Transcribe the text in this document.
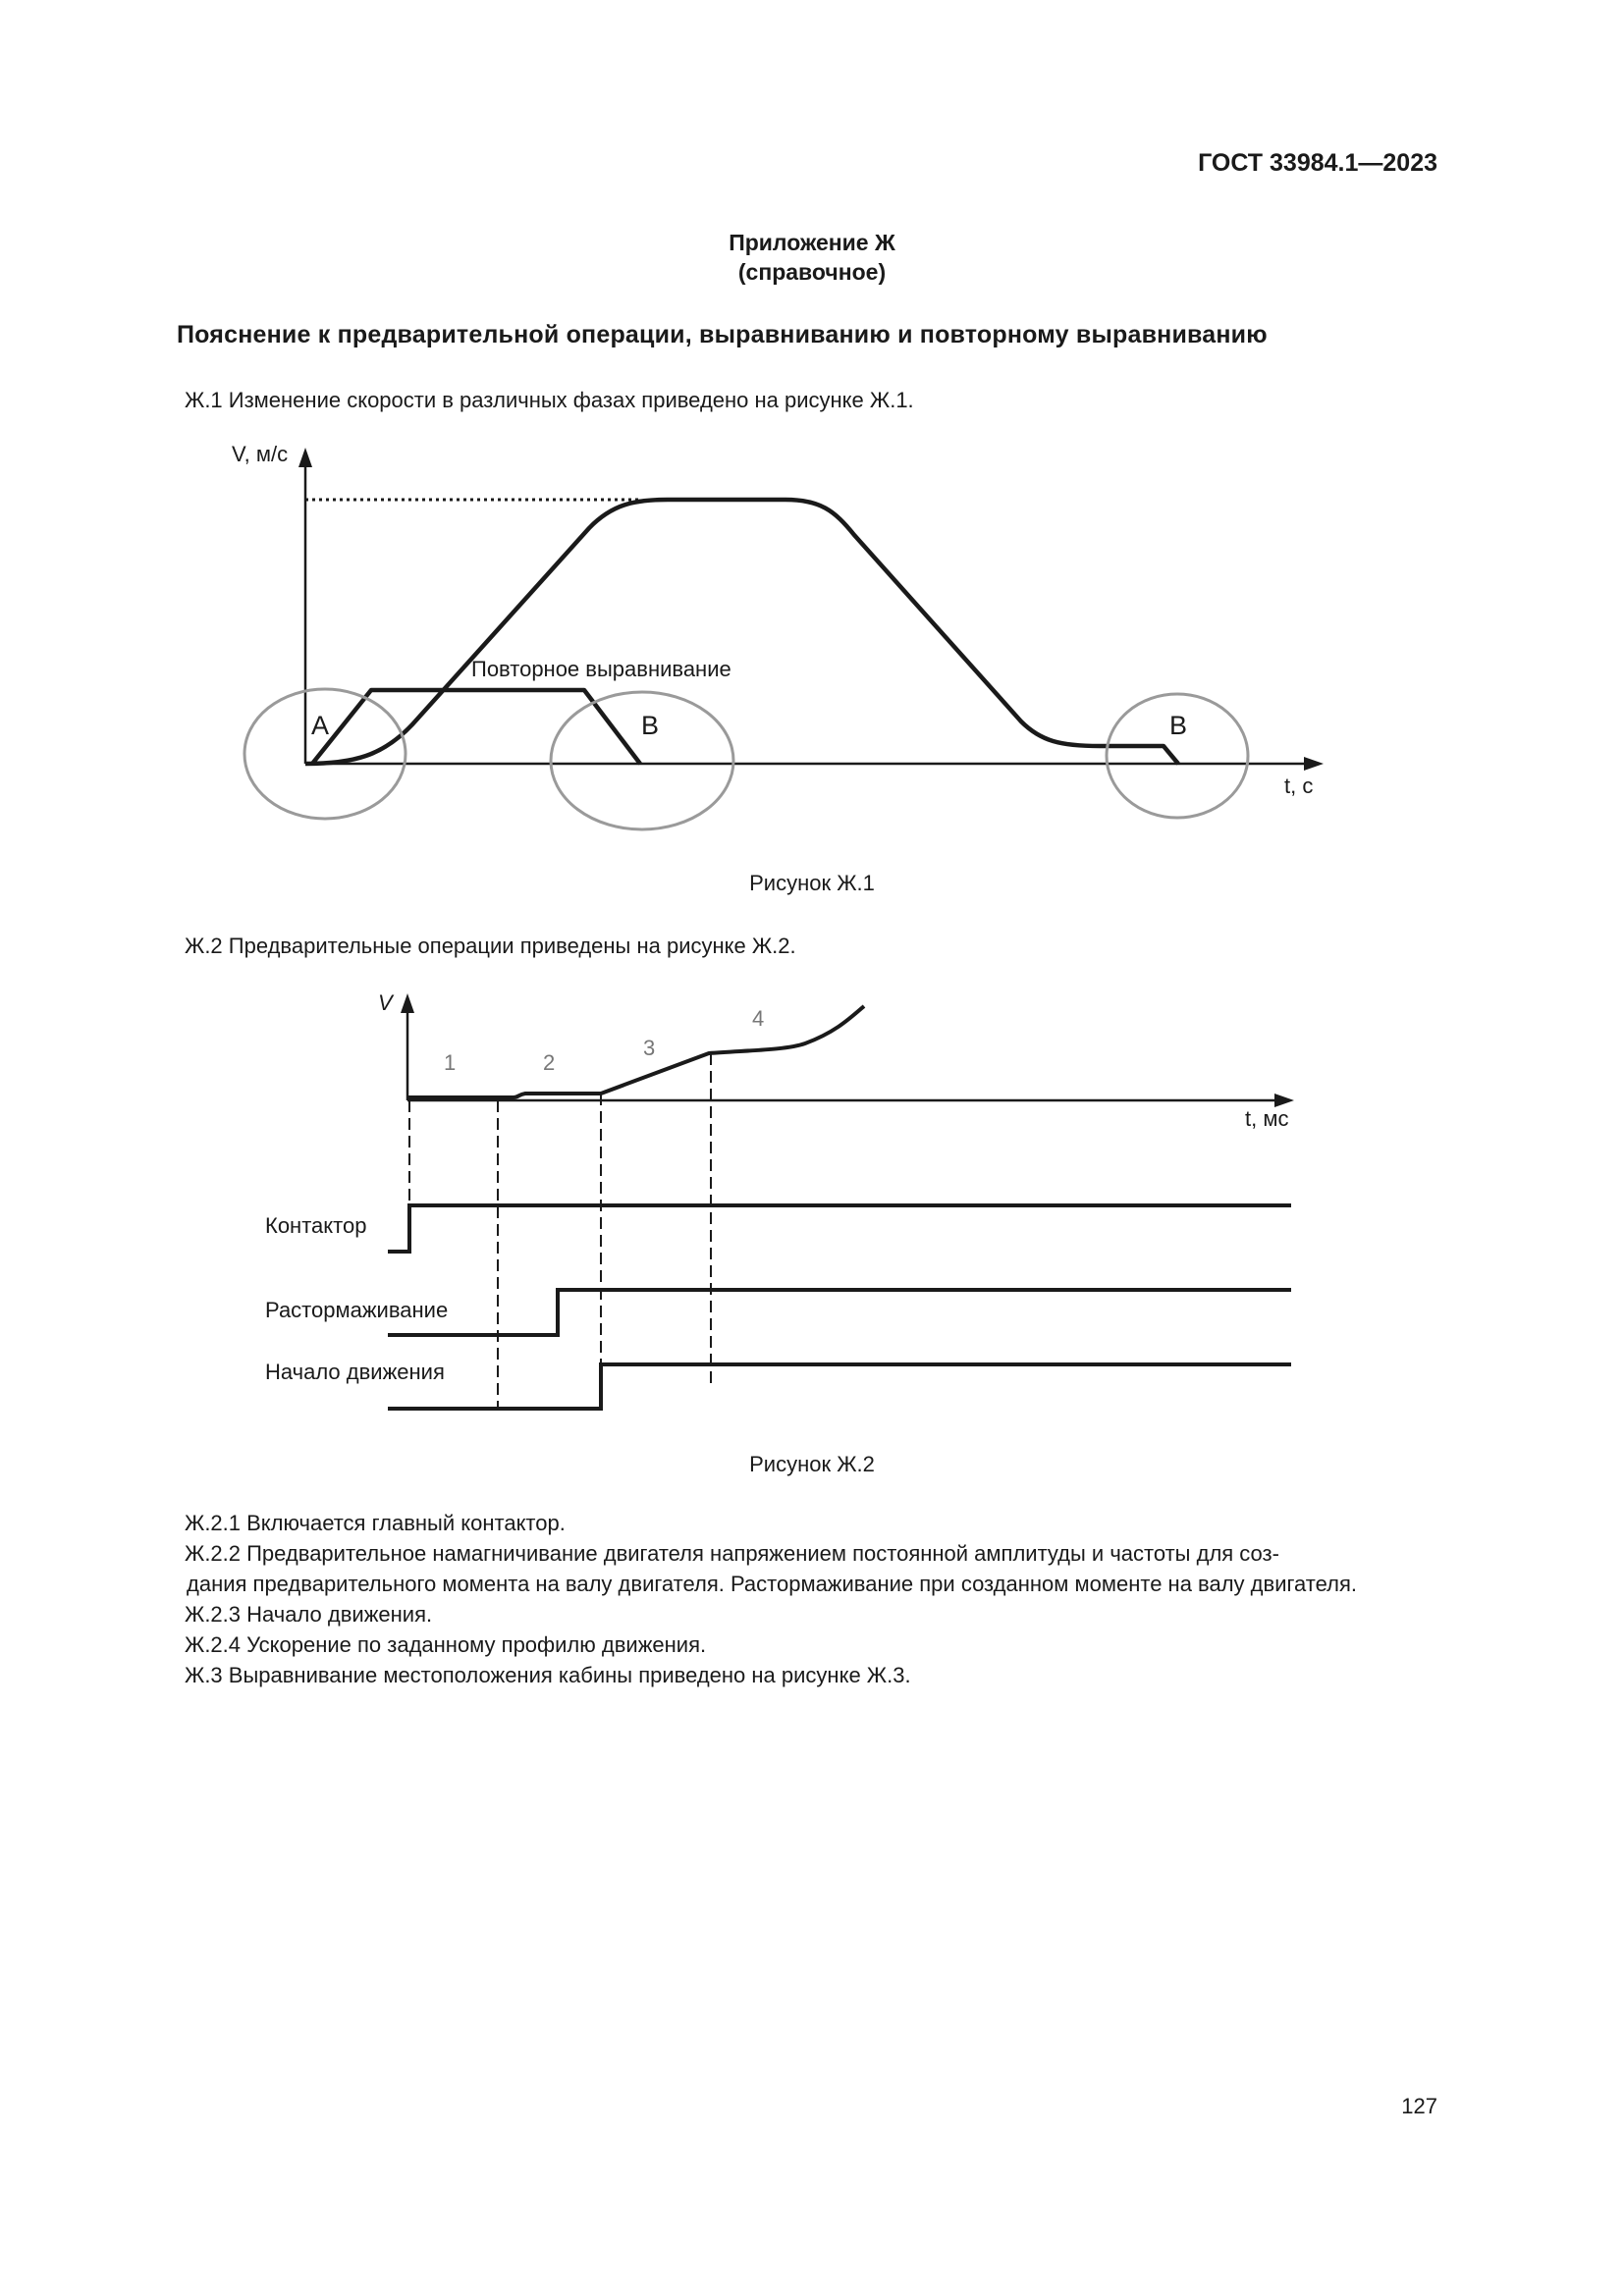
ГОСТ 33984.1—2023
Приложение Ж
(справочное)
Пояснение к предварительной операции, выравниванию и повторному выравниванию
Ж.1 Изменение скорости в различных фазах приведено на рисунке Ж.1.
V, м/с
t, с
Повторное выравнивание
A	B	B
Рисунок Ж.1
Ж.2 Предварительные операции приведены на рисунке Ж.2.
V
t, мс
1	2
3
4
Контактор
Растормаживание
Начало движения
Рисунок Ж.2
Ж.2.1 Включается главный контактор.
Ж.2.2 Предварительное намагничивание двигателя напряжением постоянной амплитуды и частоты для соз-
дания предварительного момента на валу двигателя. Растормаживание при созданном моменте на валу двигателя.
Ж.2.3 Начало движения.
Ж.2.4 Ускорение по заданному профилю движения.
Ж.3 Выравнивание местоположения кабины приведено на рисунке Ж.3.
127
